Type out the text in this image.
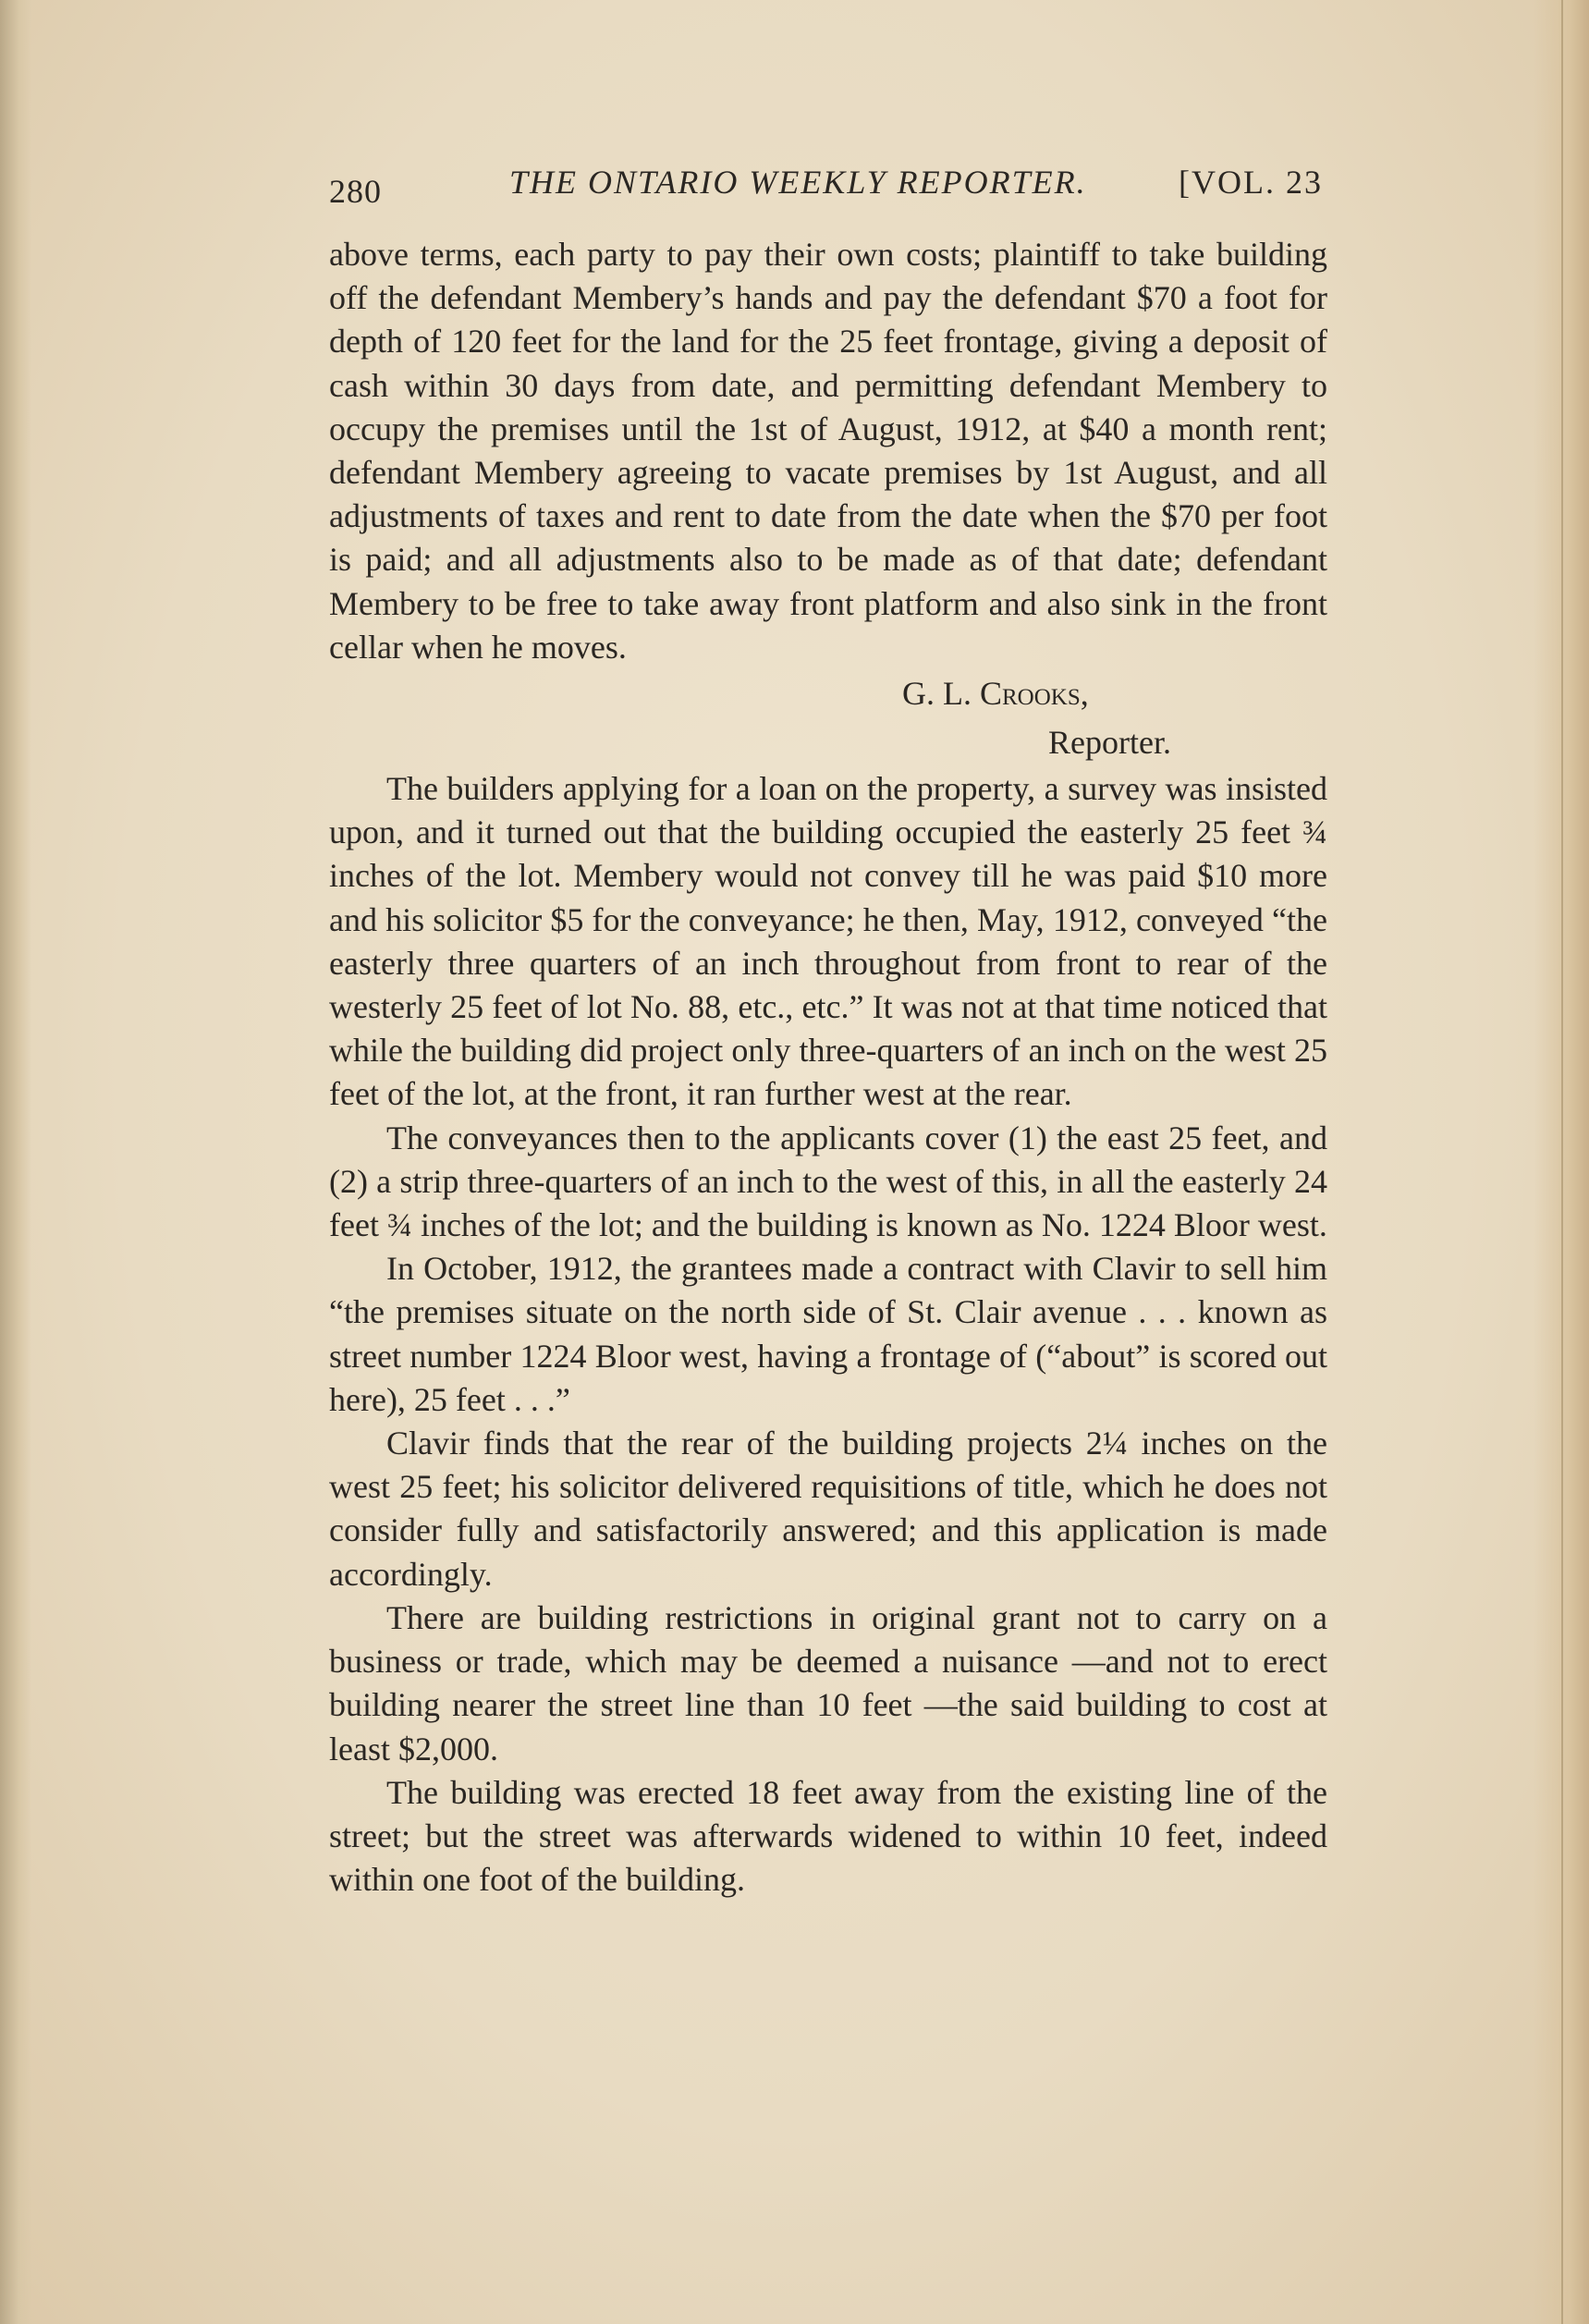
280	THE ONTARIO WEEKLY REPORTER.	[VOL. 23

above terms, each party to pay their own costs; plaintiff to take building off the defendant Membery’s hands and pay the defendant $70 a foot for depth of 120 feet for the land for the 25 feet frontage, giving a deposit of cash within 30 days from date, and permitting defendant Membery to occupy the premises until the 1st of August, 1912, at $40 a month rent; defendant Membery agreeing to vacate premises by 1st August, and all adjustments of taxes and rent to date from the date when the $70 per foot is paid; and all adjustments also to be made as of that date; defendant Membery to be free to take away front platform and also sink in the front cellar when he moves.

G. L. Crooks,

Reporter.

The builders applying for a loan on the property, a survey was insisted upon, and it turned out that the building occupied the easterly 25 feet ¾ inches of the lot. Membery would not convey till he was paid $10 more and his solicitor $5 for the conveyance; he then, May, 1912, conveyed “the easterly three quarters of an inch throughout from front to rear of the westerly 25 feet of lot No. 88, etc., etc.” It was not at that time noticed that while the building did project only three-quarters of an inch on the west 25 feet of the lot, at the front, it ran further west at the rear.

The conveyances then to the applicants cover (1) the east 25 feet, and (2) a strip three-quarters of an inch to the west of this, in all the easterly 24 feet ¾ inches of the lot; and the building is known as No. 1224 Bloor west.

In October, 1912, the grantees made a contract with Clavir to sell him “the premises situate on the north side of St. Clair avenue . . . known as street number 1224 Bloor west, having a frontage of (“about” is scored out here), 25 feet . . .”

Clavir finds that the rear of the building projects 2¼ inches on the west 25 feet; his solicitor delivered requisitions of title, which he does not consider fully and satisfactorily answered; and this application is made accordingly.

There are building restrictions in original grant not to carry on a business or trade, which may be deemed a nuisance —and not to erect building nearer the street line than 10 feet —the said building to cost at least $2,000.

The building was erected 18 feet away from the existing line of the street; but the street was afterwards widened to within 10 feet, indeed within one foot of the building.
